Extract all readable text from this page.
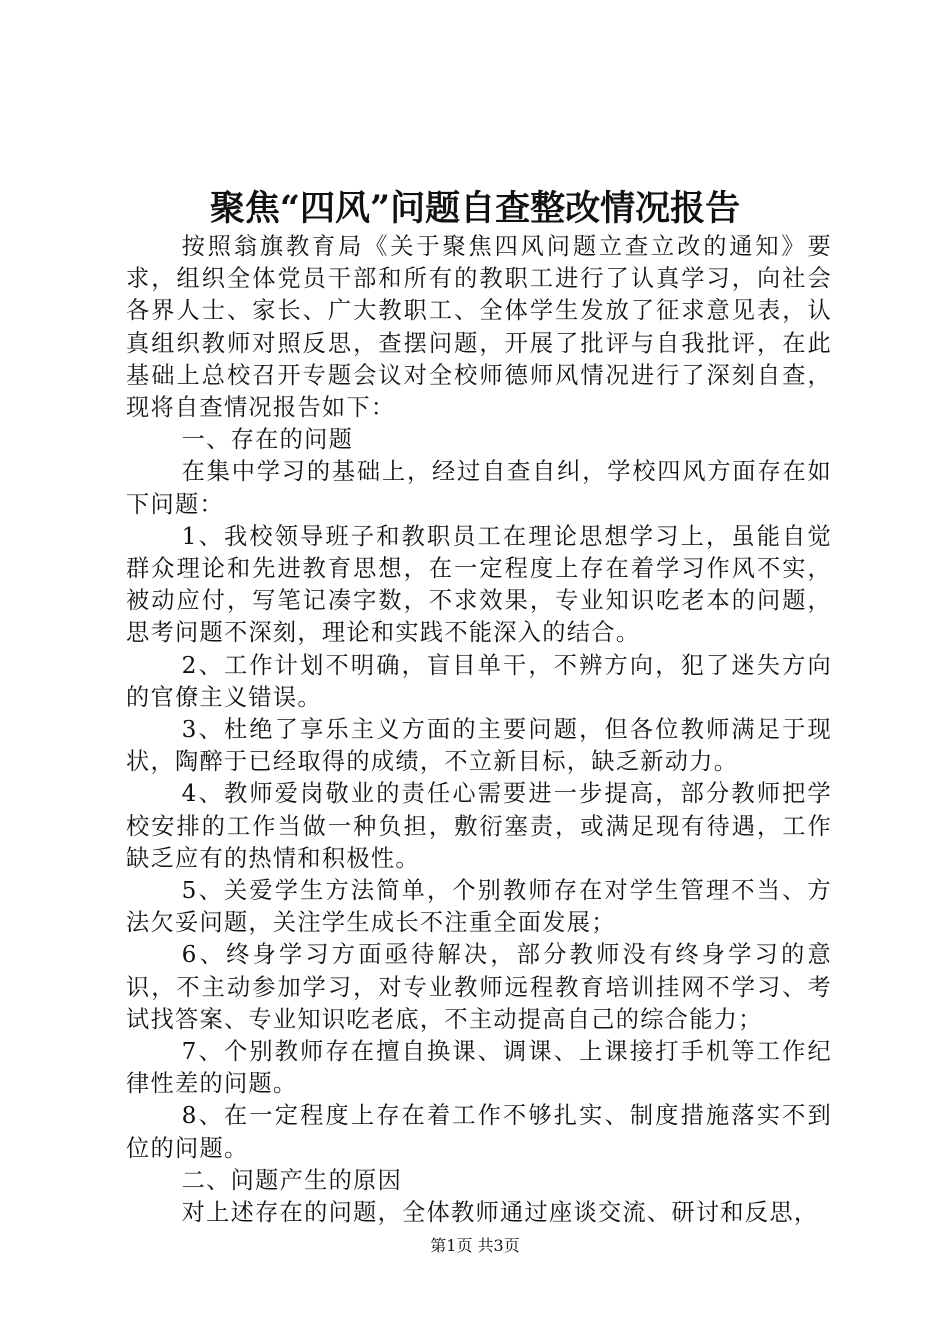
聚焦“四风”问题自查整改情况报告

按照翁旗教育局《关于聚焦四风问题立查立改的通知》要求，组织全体党员干部和所有的教职工进行了认真学习，向社会各界人士、家长、广大教职工、全体学生发放了征求意见表，认真组织教师对照反思，查摆问题，开展了批评与自我批评，在此基础上总校召开专题会议对全校师德师风情况进行了深刻自查，现将自查情况报告如下：

一、存在的问题

在集中学习的基础上，经过自查自纠，学校四风方面存在如下问题：

1、我校领导班子和教职员工在理论思想学习上，虽能自觉群众理论和先进教育思想，在一定程度上存在着学习作风不实，被动应付，写笔记凑字数，不求效果，专业知识吃老本的问题，思考问题不深刻，理论和实践不能深入的结合。

2、工作计划不明确，盲目单干，不辨方向，犯了迷失方向的官僚主义错误。

3、杜绝了享乐主义方面的主要问题，但各位教师满足于现状，陶醉于已经取得的成绩，不立新目标，缺乏新动力。

4、教师爱岗敬业的责任心需要进一步提高，部分教师把学校安排的工作当做一种负担，敷衍塞责，或满足现有待遇，工作缺乏应有的热情和积极性。

5、关爱学生方法简单，个别教师存在对学生管理不当、方法欠妥问题，关注学生成长不注重全面发展；

6、终身学习方面亟待解决，部分教师没有终身学习的意识，不主动参加学习，对专业教师远程教育培训挂网不学习、考试找答案、专业知识吃老底，不主动提高自己的综合能力；

7、个别教师存在擅自换课、调课、上课接打手机等工作纪律性差的问题。

8、在一定程度上存在着工作不够扎实、制度措施落实不到位的问题。

二、问题产生的原因

对上述存在的问题，全体教师通过座谈交流、研讨和反思，

第1页 共3页
